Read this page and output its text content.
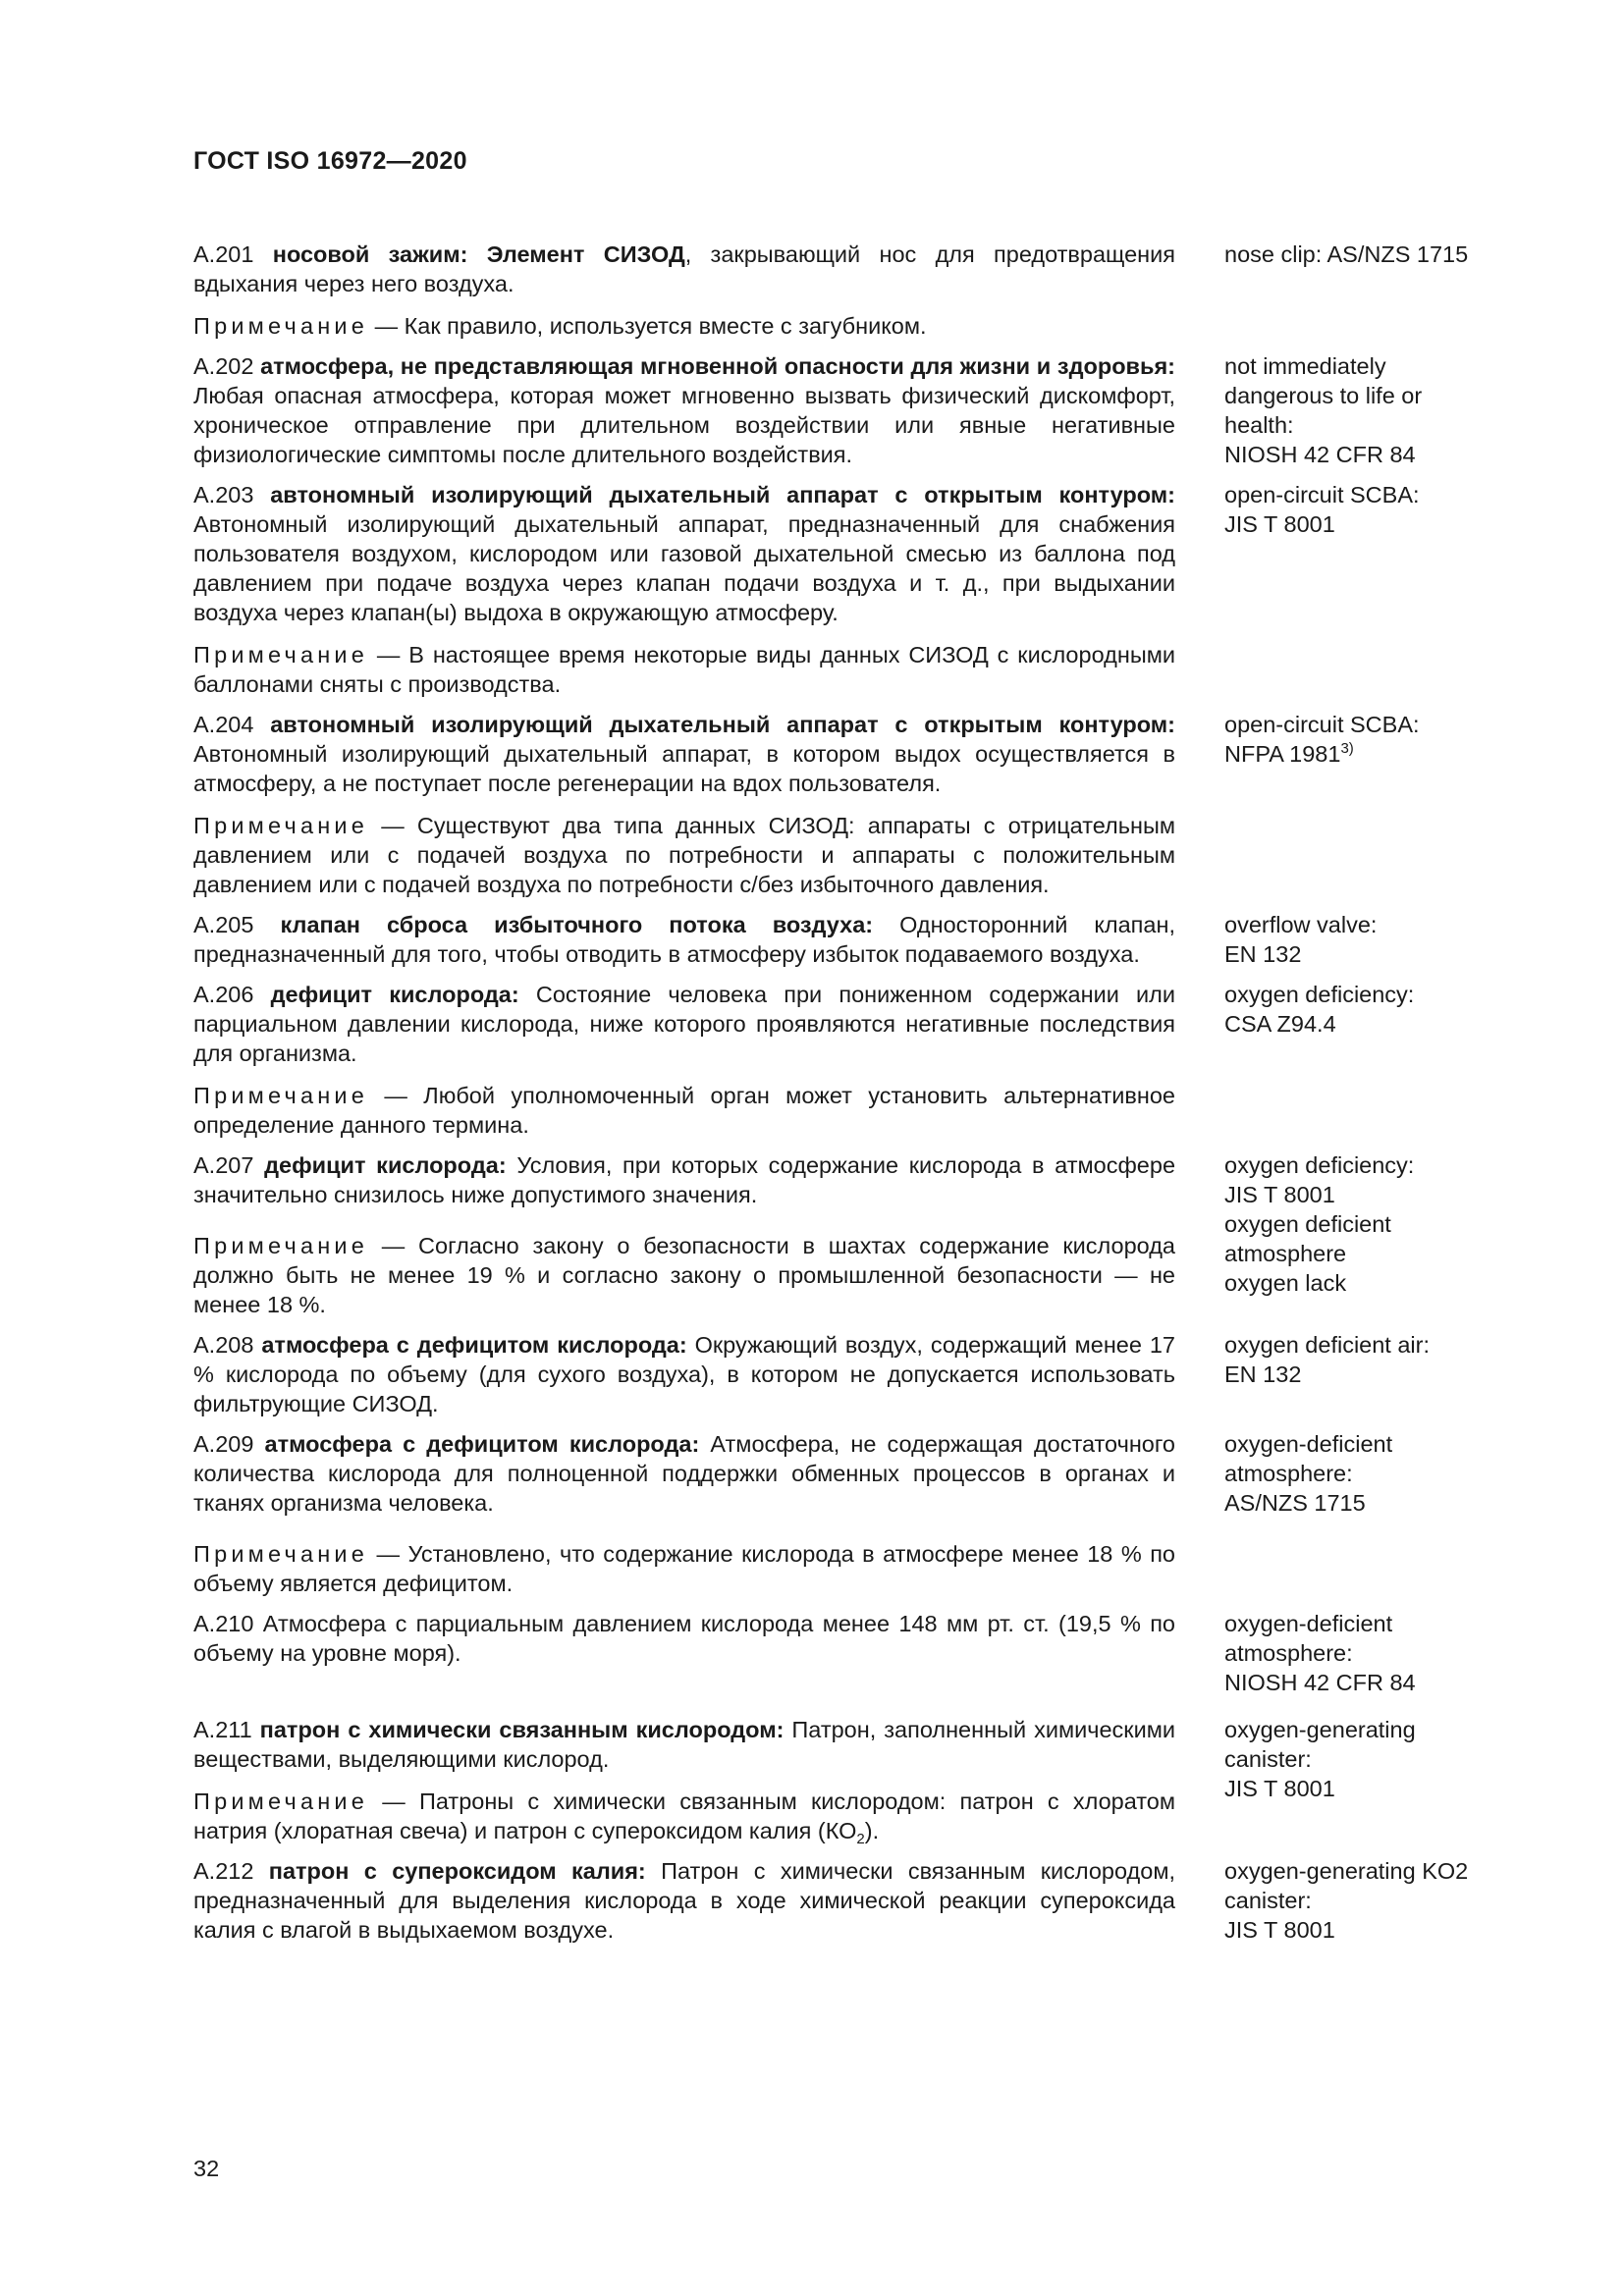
ГОСТ ISO 16972—2020

А.201 носовой зажим: Элемент СИЗОД, закрывающий нос для предотвращения вдыхания через него воздуха.

Примечание — Как правило, используется вместе с загубником.

nose clip: AS/NZS 1715

А.202 атмосфера, не представляющая мгновенной опасности для жизни и здоровья: Любая опасная атмосфера, которая может мгновенно вызвать физический дискомфорт, хроническое отправление при длительном воздействии или явные негативные физиологические симптомы после длительного воздействия.

not immediately dangerous to life or health:
NIOSH 42 CFR 84

А.203 автономный изолирующий дыхательный аппарат с открытым контуром: Автономный изолирующий дыхательный аппарат, предназначенный для снабжения пользователя воздухом, кислородом или газовой дыхательной смесью из баллона под давлением при подаче воздуха через клапан подачи воздуха и т. д., при выдыхании воздуха через клапан(ы) выдоха в окружающую атмосферу.

Примечание — В настоящее время некоторые виды данных СИЗОД с кислородными баллонами сняты с производства.

open-circuit SCBA:
JIS T 8001

А.204 автономный изолирующий дыхательный аппарат с открытым контуром: Автономный изолирующий дыхательный аппарат, в котором выдох осуществляется в атмосферу, а не поступает после регенерации на вдох пользователя.

Примечание — Существуют два типа данных СИЗОД: аппараты с отрицательным давлением или с подачей воздуха по потребности и аппараты с положительным давлением или с подачей воздуха по потребности с/без избыточного давления.

open-circuit SCBA:
NFPA 1981$^{3)}$

А.205 клапан сброса избыточного потока воздуха: Односторонний клапан, предназначенный для того, чтобы отводить в атмосферу избыток подаваемого воздуха.

overflow valve:
EN 132

А.206 дефицит кислорода: Состояние человека при пониженном содержании или парциальном давлении кислорода, ниже которого проявляются негативные последствия для организма.

Примечание — Любой уполномоченный орган может установить альтернативное определение данного термина.

oxygen deficiency:
CSA Z94.4

А.207 дефицит кислорода: Условия, при которых содержание кислорода в атмосфере значительно снизилось ниже допустимого значения.

Примечание — Согласно закону о безопасности в шахтах содержание кислорода должно быть не менее 19 % и согласно закону о промышленной безопасности — не менее 18 %.

oxygen deficiency:
JIS T 8001
oxygen deficient atmosphere
oxygen lack

А.208 атмосфера с дефицитом кислорода: Окружающий воздух, содержащий менее 17 % кислорода по объему (для сухого воздуха), в котором не допускается использовать фильтрующие СИЗОД.

oxygen deficient air:
EN 132

А.209 атмосфера с дефицитом кислорода: Атмосфера, не содержащая достаточного количества кислорода для полноценной поддержки обменных процессов в органах и тканях организма человека.

Примечание — Установлено, что содержание кислорода в атмосфере менее 18 % по объему является дефицитом.

oxygen-deficient atmosphere:
AS/NZS 1715

А.210 Атмосфера с парциальным давлением кислорода менее 148 мм рт. ст. (19,5 % по объему на уровне моря).

oxygen-deficient atmosphere:
NIOSH 42 CFR 84

А.211 патрон с химически связанным кислородом: Патрон, заполненный химическими веществами, выделяющими кислород.

Примечание — Патроны с химически связанным кислородом: патрон с хлоратом натрия (хлоратная свеча) и патрон с супероксидом калия $(КО_2)$.

oxygen-generating canister:
JIS T 8001

А.212 патрон с супероксидом калия: Патрон с химически связанным кислородом, предназначенный для выделения кислорода в ходе химической реакции супероксида калия с влагой в выдыхаемом воздухе.

oxygen-generating KO2 canister:
JIS T 8001
32
